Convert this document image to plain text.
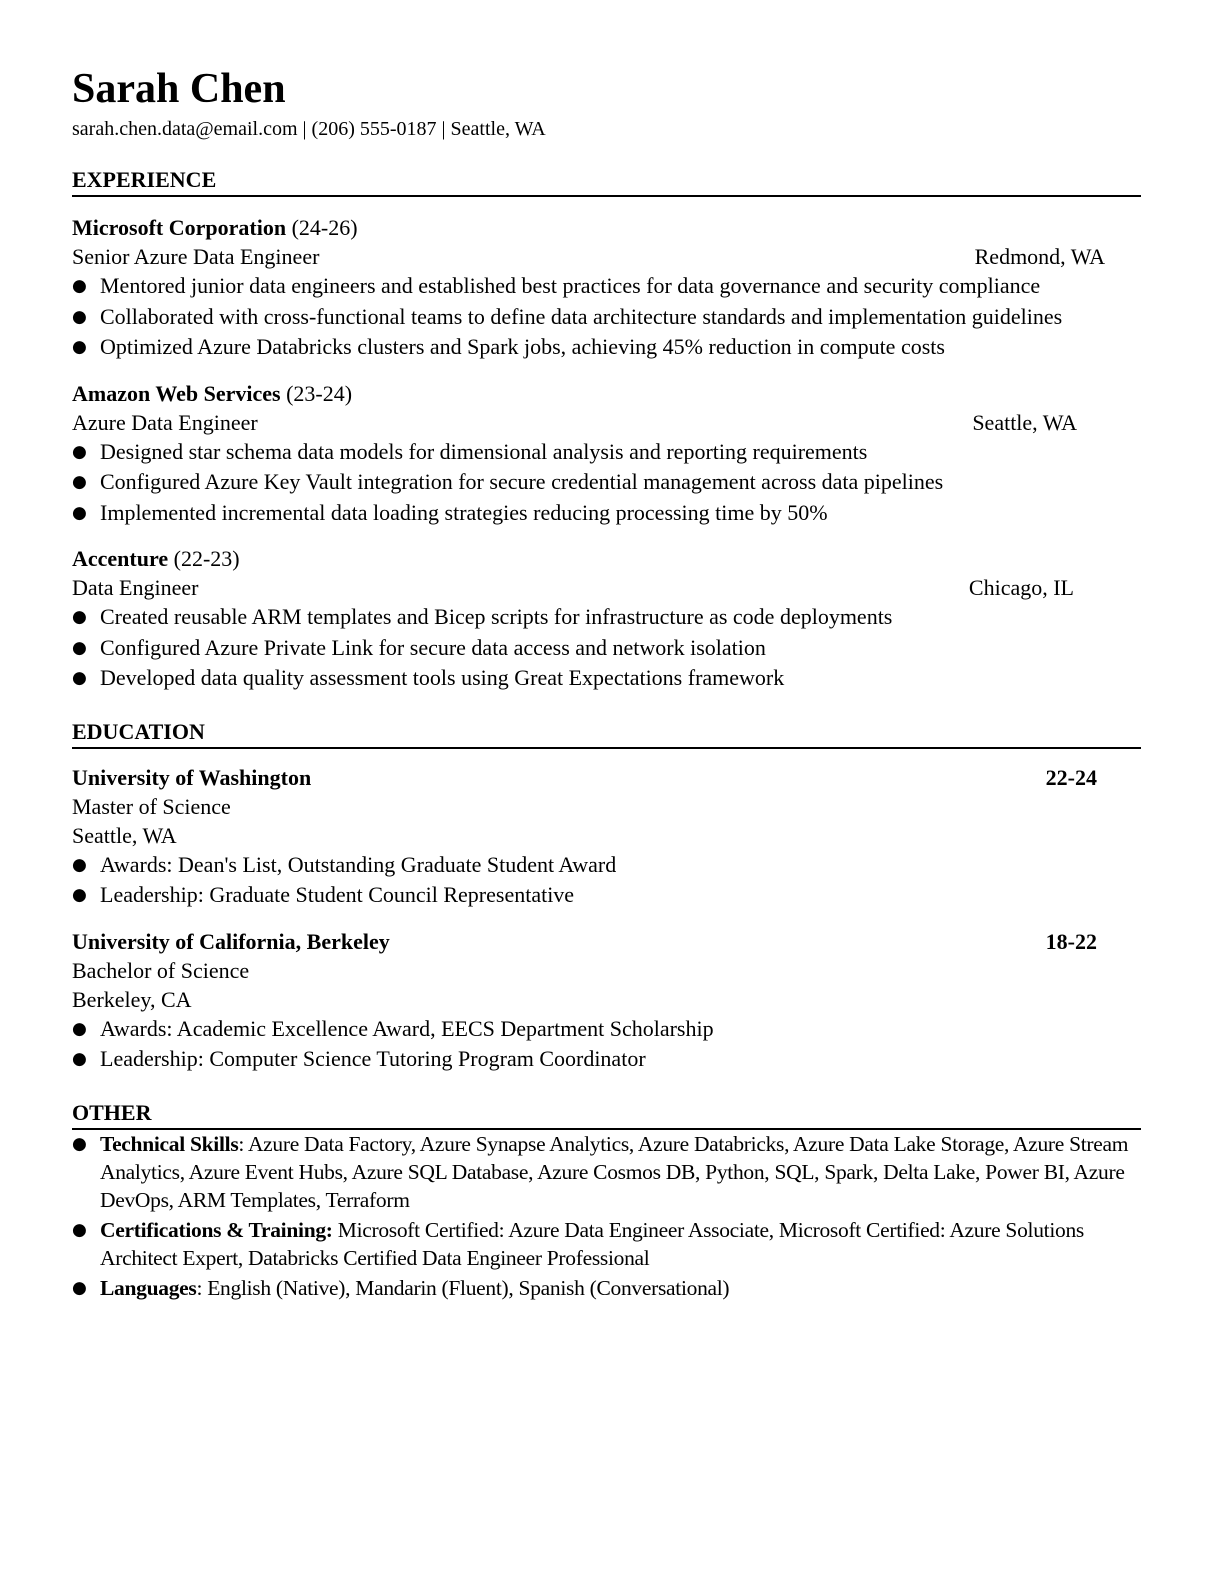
Sarah Chen
sarah.chen.data@email.com | (206) 555-0187 | Seattle, WA
EXPERIENCE
Microsoft Corporation (24-26)
Senior Azure Data Engineer	Redmond, WA
● Mentored junior data engineers and established best practices for data governance and security compliance
● Collaborated with cross-functional teams to define data architecture standards and implementation guidelines
● Optimized Azure Databricks clusters and Spark jobs, achieving 45% reduction in compute costs
Amazon Web Services (23-24)
Azure Data Engineer	Seattle, WA
● Designed star schema data models for dimensional analysis and reporting requirements
● Configured Azure Key Vault integration for secure credential management across data pipelines
● Implemented incremental data loading strategies reducing processing time by 50%
Accenture (22-23)
Data Engineer	Chicago, IL
● Created reusable ARM templates and Bicep scripts for infrastructure as code deployments
● Configured Azure Private Link for secure data access and network isolation
● Developed data quality assessment tools using Great Expectations framework
EDUCATION
University of Washington	22-24
Master of Science
Seattle, WA
● Awards: Dean's List, Outstanding Graduate Student Award
● Leadership: Graduate Student Council Representative
University of California, Berkeley	18-22
Bachelor of Science
Berkeley, CA
● Awards: Academic Excellence Award, EECS Department Scholarship
● Leadership: Computer Science Tutoring Program Coordinator
OTHER
● Technical Skills: Azure Data Factory, Azure Synapse Analytics, Azure Databricks, Azure Data Lake Storage, Azure Stream Analytics, Azure Event Hubs, Azure SQL Database, Azure Cosmos DB, Python, SQL, Spark, Delta Lake, Power BI, Azure DevOps, ARM Templates, Terraform
● Certifications & Training: Microsoft Certified: Azure Data Engineer Associate, Microsoft Certified: Azure Solutions Architect Expert, Databricks Certified Data Engineer Professional
● Languages: English (Native), Mandarin (Fluent), Spanish (Conversational)
